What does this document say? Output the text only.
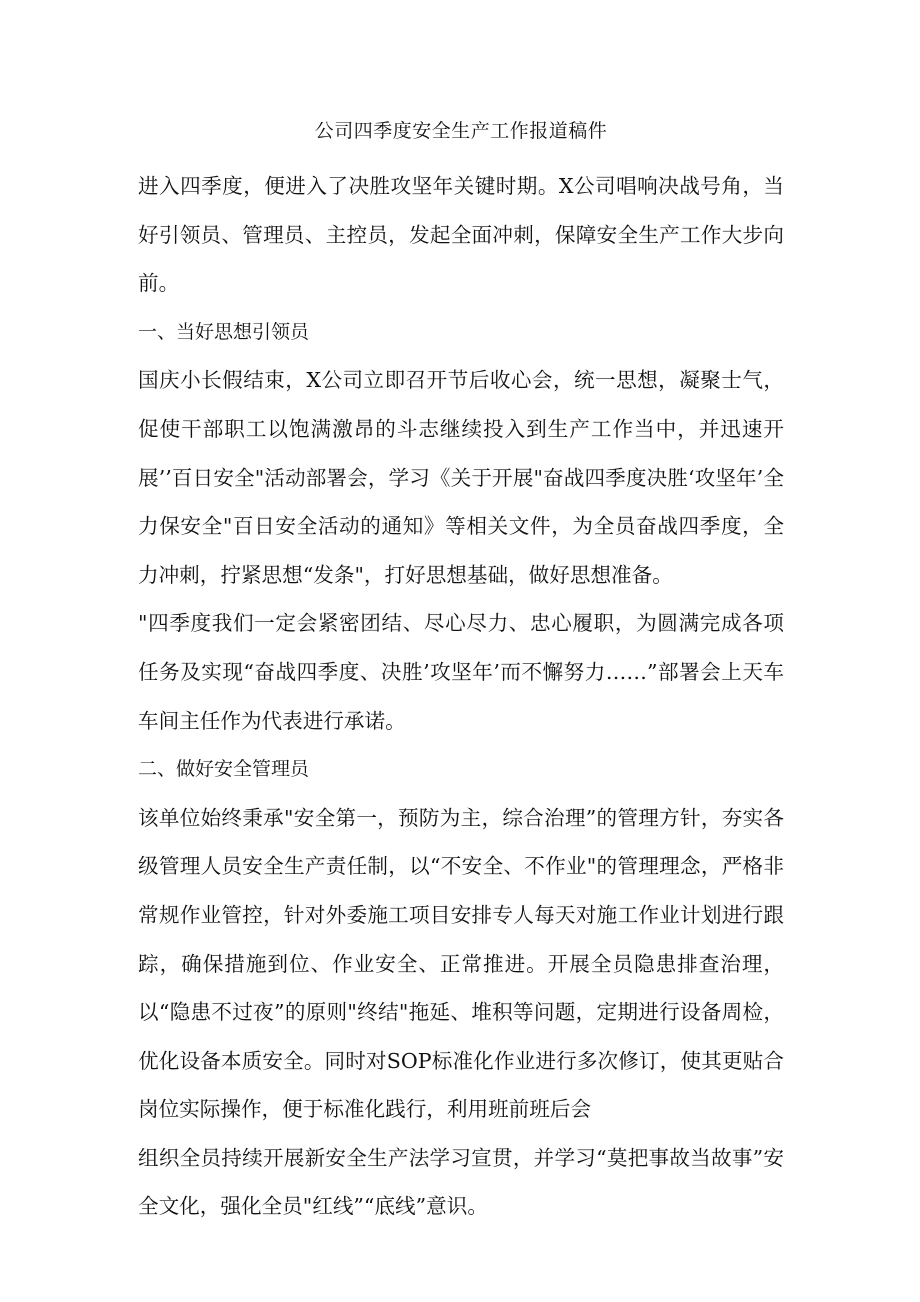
公司四季度安全生产工作报道稿件

进入四季度，便进入了决胜攻坚年关键时期。X公司唱响决战号角，当好引领员、管理员、主控员，发起全面冲刺，保障安全生产工作大步向前。

一、当好思想引领员

国庆小长假结束，X公司立即召开节后收心会，统一思想，凝聚士气，促使干部职工以饱满激昂的斗志继续投入到生产工作当中，并迅速开展’’百日安全"活动部署会，学习《关于开展"奋战四季度决胜‘攻坚年’全力保安全"百日安全活动的通知》等相关文件，为全员奋战四季度，全力冲刺，拧紧思想“发条"，打好思想基础，做好思想准备。

"四季度我们一定会紧密团结、尽心尽力、忠心履职，为圆满完成各项任务及实现“奋战四季度、决胜’攻坚年’而不懈努力……”部署会上天车车间主任作为代表进行承诺。

二、做好安全管理员

该单位始终秉承"安全第一，预防为主，综合治理”的管理方针，夯实各级管理人员安全生产责任制，以“不安全、不作业"的管理理念，严格非常规作业管控，针对外委施工项目安排专人每天对施工作业计划进行跟踪，确保措施到位、作业安全、正常推进。开展全员隐患排查治理，以“隐患不过夜”的原则"终结"拖延、堆积等问题，定期进行设备周检，优化设备本质安全。同时对SOP标准化作业进行多次修订，使其更贴合岗位实际操作，便于标准化践行，利用班前班后会

组织全员持续开展新安全生产法学习宣贯，并学习“莫把事故当故事”安全文化，强化全员"红线”“底线”意识。
